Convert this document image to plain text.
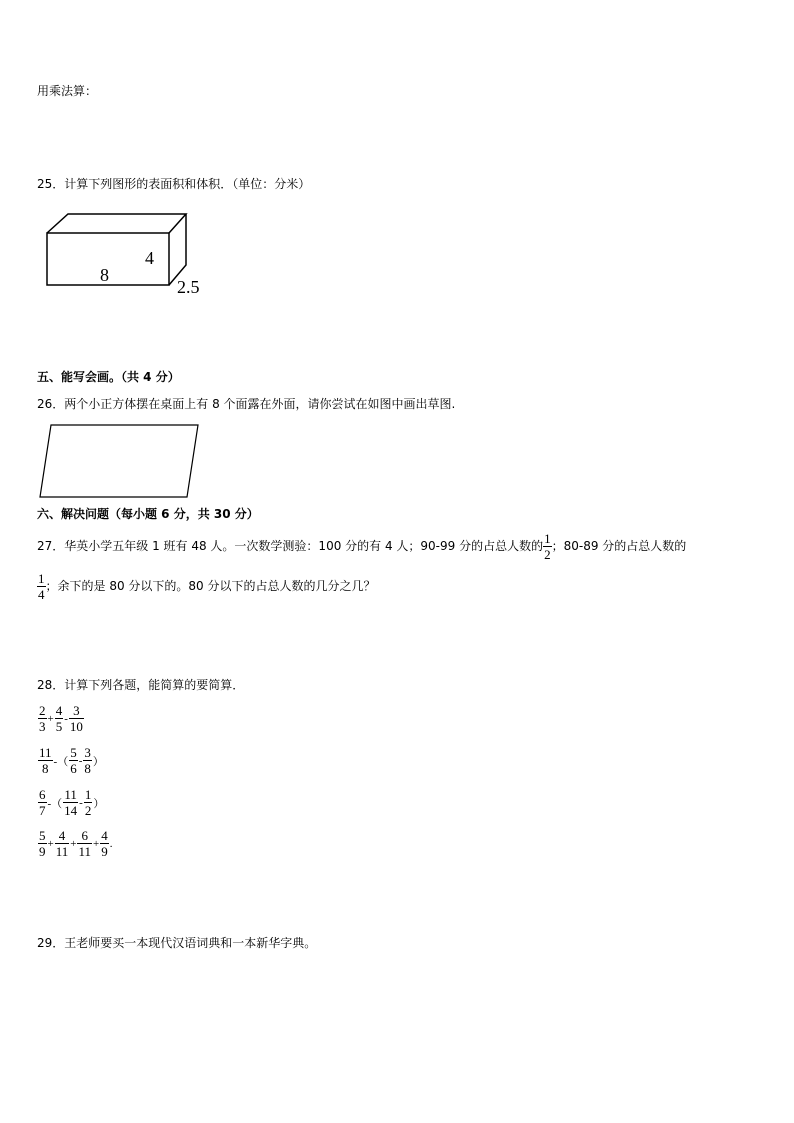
用乘法算：
25．计算下列图形的表面积和体积．（单位：分米）
8
4
2.5
五、能写会画。（共 4 分）
26．两个小正方体摆在桌面上有 8 个面露在外面，请你尝试在如图中画出草图.
六、解决问题（每小题 6 分，共 30 分）
27．华英小学五年级 1 班有 48 人。一次数学测验：100 分的有 4 人；90-99 分的占总人数的 $\frac{1}{2}$ ；80-89 分的占总人数的
$\frac{1}{4}$ ；余下的是 80 分以下的。80 分以下的占总人数的几分之几？
28．计算下列各题，能简算的要简算．
$\frac{2}{3} + \frac{4}{5} - \frac{3}{10}$
$\frac{11}{8}$ -（ $\frac{5}{6} - \frac{3}{8}$ ）
$\frac{6}{7}$ -（ $\frac{11}{14} - \frac{1}{2}$ ）
$\frac{5}{9} + \frac{4}{11} + \frac{6}{11} + \frac{4}{9}$ .
29．王老师要买一本现代汉语词典和一本新华字典。
